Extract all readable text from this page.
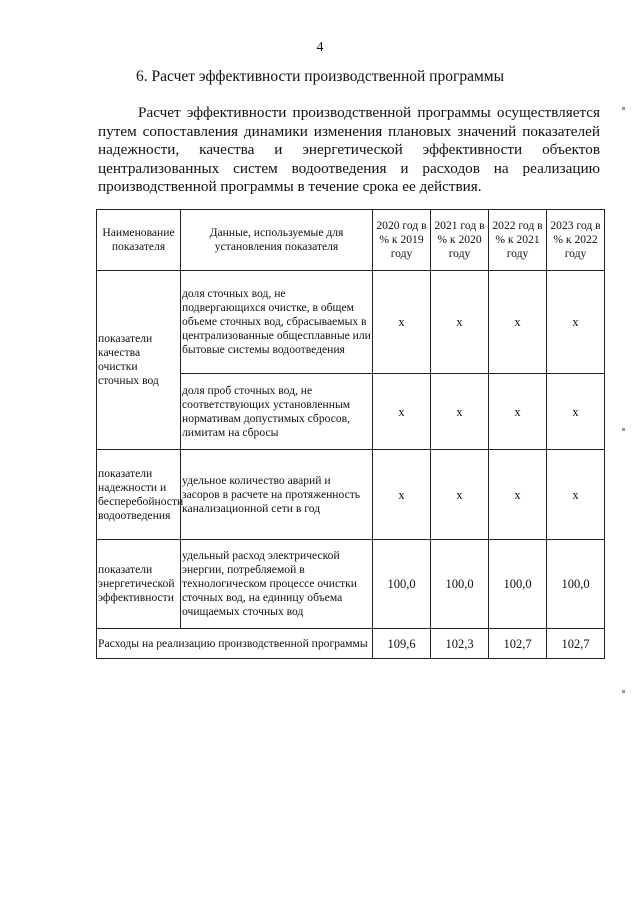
4
6. Расчет эффективности производственной программы
Расчет эффективности производственной программы осуществляется
путем сопоставления динамики изменения плановых значений показателей
надежности, качества и энергетической эффективности объектов
централизованных систем водоотведения и расходов на реализацию
производственной программы в течение срока ее действия.
Наименование показателя	Данные, используемые для установления показателя	2020 год в % к 2019 году	2021 год в % к 2020 году	2022 год в % к 2021 году	2023 год в % к 2022 году
показатели качества очистки сточных вод	доля сточных вод, не подвергающихся очистке, в общем объеме сточных вод, сбрасываемых в централизованные общесплавные или бытовые системы водоотведения	х	х	х	х
	доля проб сточных вод, не соответствующих установленным нормативам допустимых сбросов, лимитам на сбросы	х	х	х	х
показатели надежности и бесперебойности водоотведения	удельное количество аварий и засоров в расчете на протяженность канализационной сети в год	х	х	х	х
показатели энергетической эффективности	удельный расход электрической энергии, потребляемой в технологическом процессе очистки сточных вод, на единицу объема очищаемых сточных вод	100,0	100,0	100,0	100,0
Расходы на реализацию производственной программы		109,6	102,3	102,7	102,7
